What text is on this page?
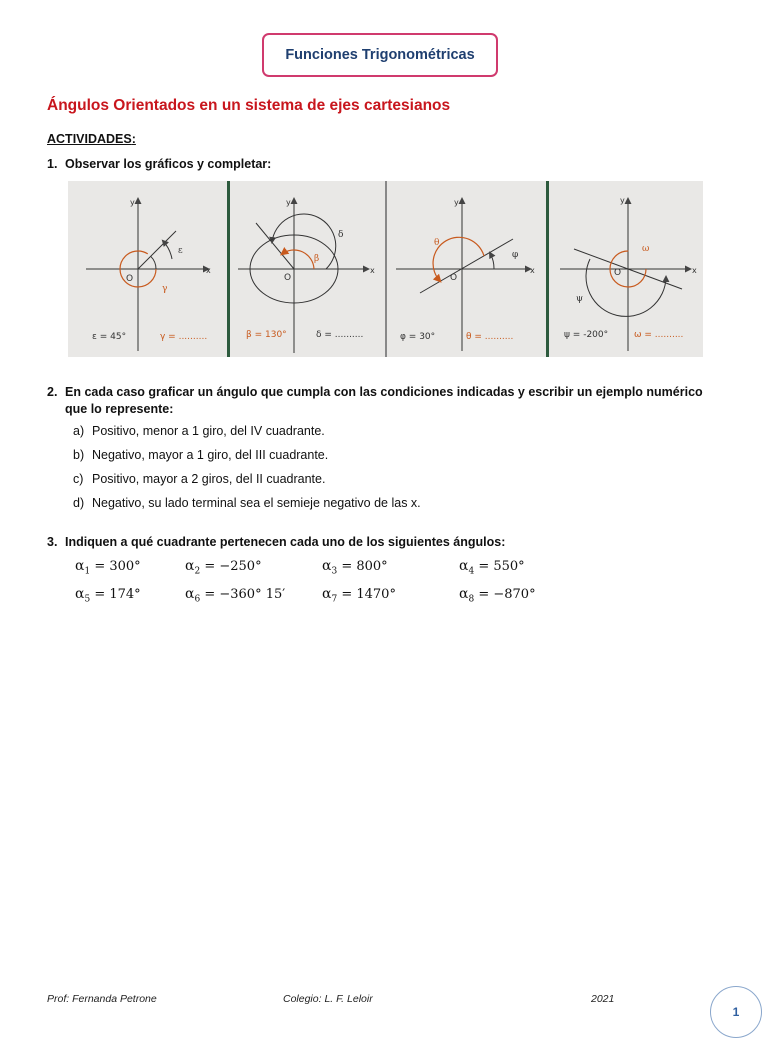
Funciones Trigonométricas
Ángulos Orientados en un sistema de ejes cartesianos
ACTIVIDADES:
1. Observar los gráficos y completar:
x
y
O
ε
γ
ε = 45°	γ = ..........
x
y
O
β
δ
β = 130°	δ = ..........
x
y
O
φ
θ
φ = 30°	θ = ..........
x
y
O
ψ
ω
ψ = -200°	ω = ..........
2. En cada caso graficar un ángulo que cumpla con las condiciones indicadas y escribir un ejemplo numérico que lo represente:
a) Positivo, menor a 1 giro, del IV cuadrante.
b) Negativo, mayor a 1 giro, del III cuadrante.
c) Positivo, mayor a 2 giros, del II cuadrante.
d) Negativo, su lado terminal sea el semieje negativo de las x.
3. Indiquen a qué cuadrante pertenecen cada uno de los siguientes ángulos:
$\alpha_1 = 300^\circ$	$\alpha_2 = -250^\circ$	$\alpha_3 = 800^\circ$	$\alpha_4 = 550^\circ$
$\alpha_5 = 174^\circ$	$\alpha_6 = -360^\circ$ 15′	$\alpha_7 = 1470^\circ$	$\alpha_8 = -870^\circ$
Prof: Fernanda Petrone	Colegio: L. F. Leloir	2021
1
